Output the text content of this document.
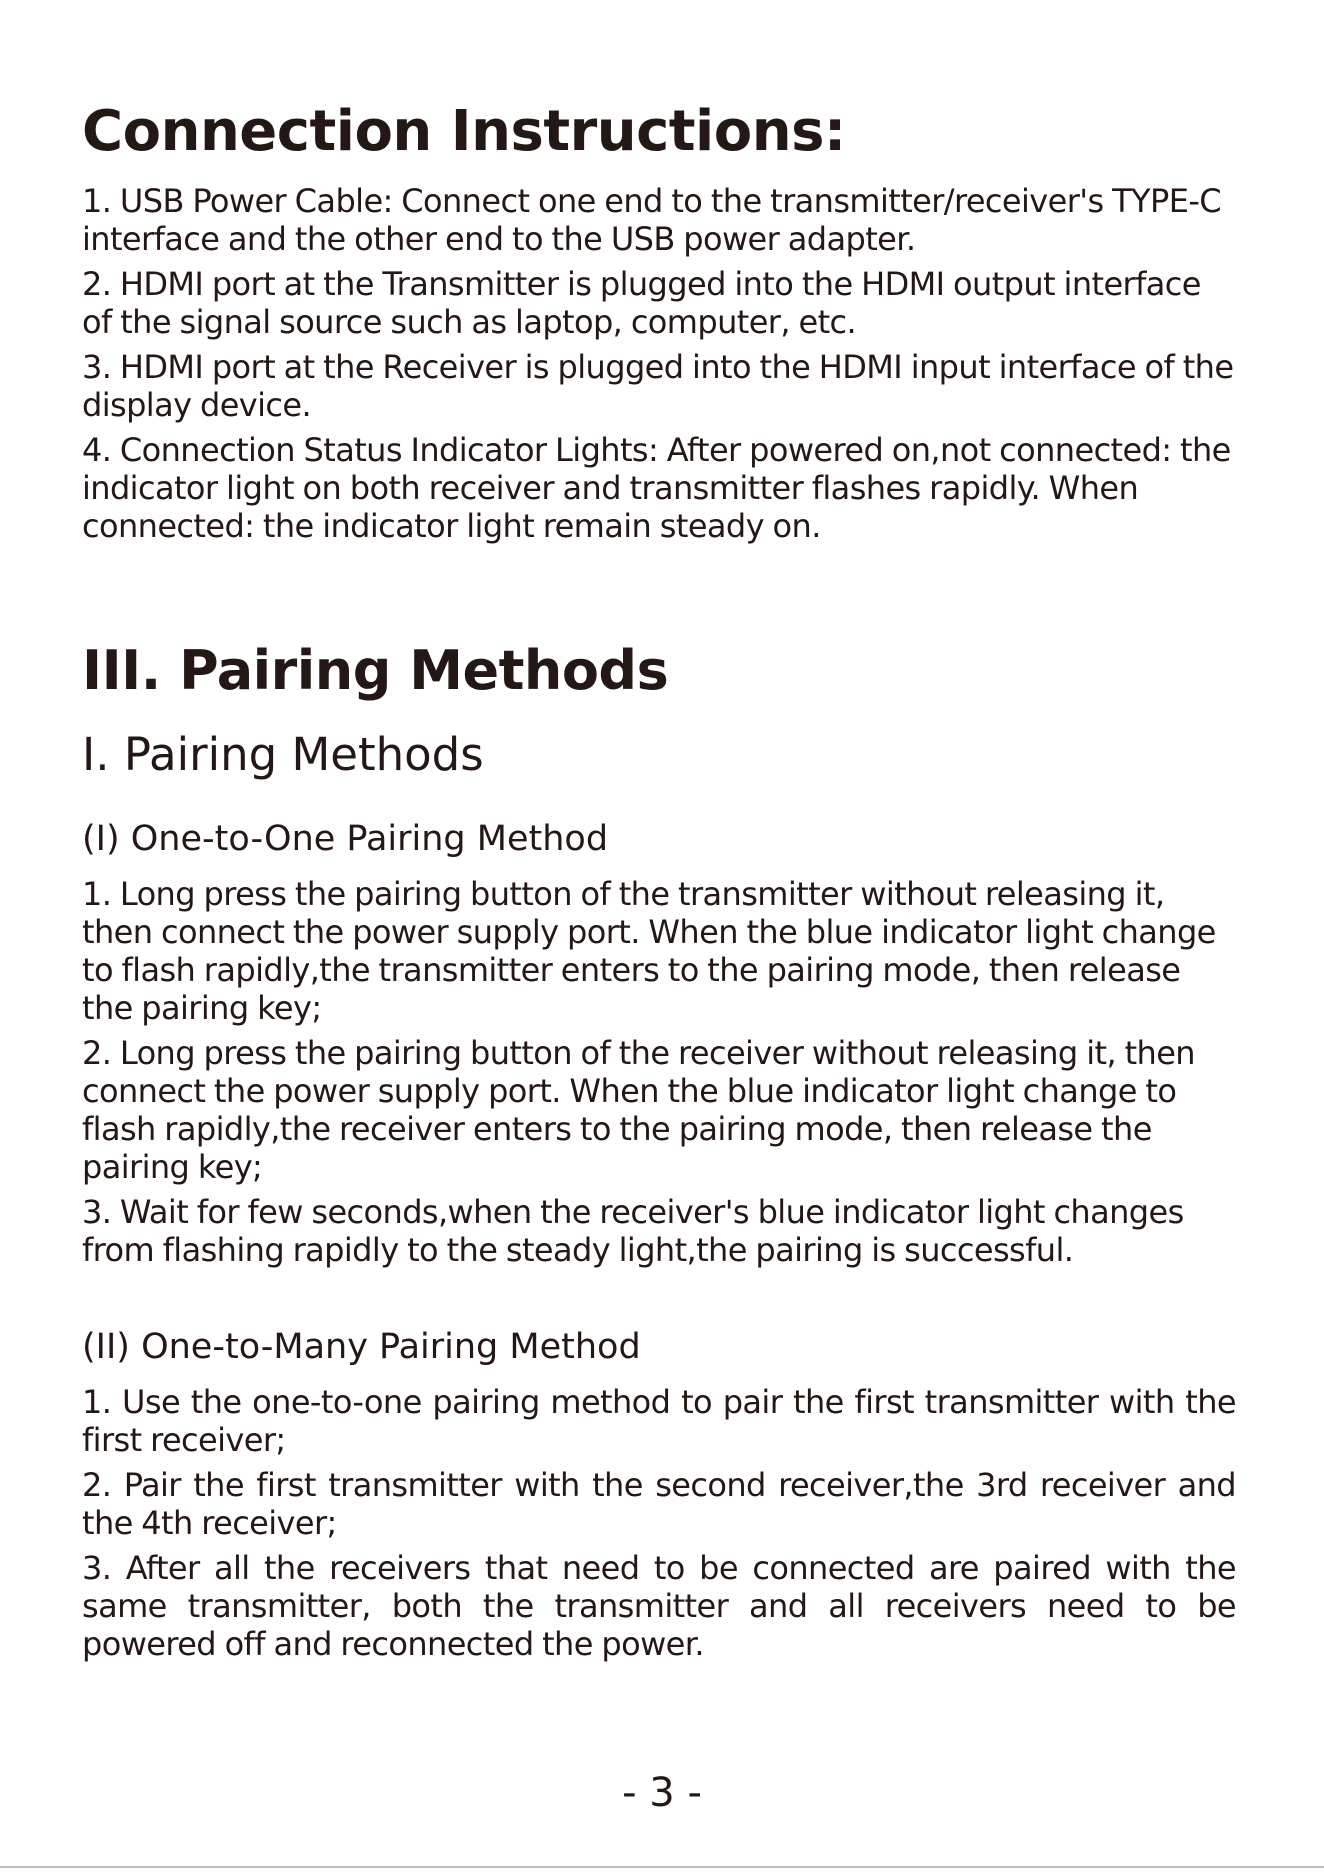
Connection Instructions:

1. USB Power Cable: Connect one end to the transmitter/receiver's TYPE-C interface and the other end to the USB power adapter.

2. HDMI port at the Transmitter is plugged into the HDMI output interface of the signal source such as laptop, computer, etc.

3. HDMI port at the Receiver is plugged into the HDMI input interface of the display device.

4. Connection Status Indicator Lights: After powered on,not connected: the indicator light on both receiver and transmitter flashes rapidly. When connected: the indicator light remain steady on.

III. Pairing Methods
I. Pairing Methods
(I) One-to-One Pairing Method

1. Long press the pairing button of the transmitter without releasing it, then connect the power supply port. When the blue indicator light change to flash rapidly,the transmitter enters to the pairing mode, then release the pairing key;

2. Long press the pairing button of the receiver without releasing it, then connect the power supply port. When the blue indicator light change to flash rapidly,the receiver enters to the pairing mode, then release the pairing key;

3. Wait for few seconds,when the receiver's blue indicator light changes from flashing rapidly to the steady light,the pairing is successful.

(II) One-to-Many Pairing Method

1. Use the one-to-one pairing method to pair the first transmitter with the first receiver;

2. Pair the first transmitter with the second receiver,the 3rd receiver and the 4th receiver;

3. After all the receivers that need to be connected are paired with the same transmitter, both the transmitter and all receivers need to be powered off and reconnected the power.

- 3 -
